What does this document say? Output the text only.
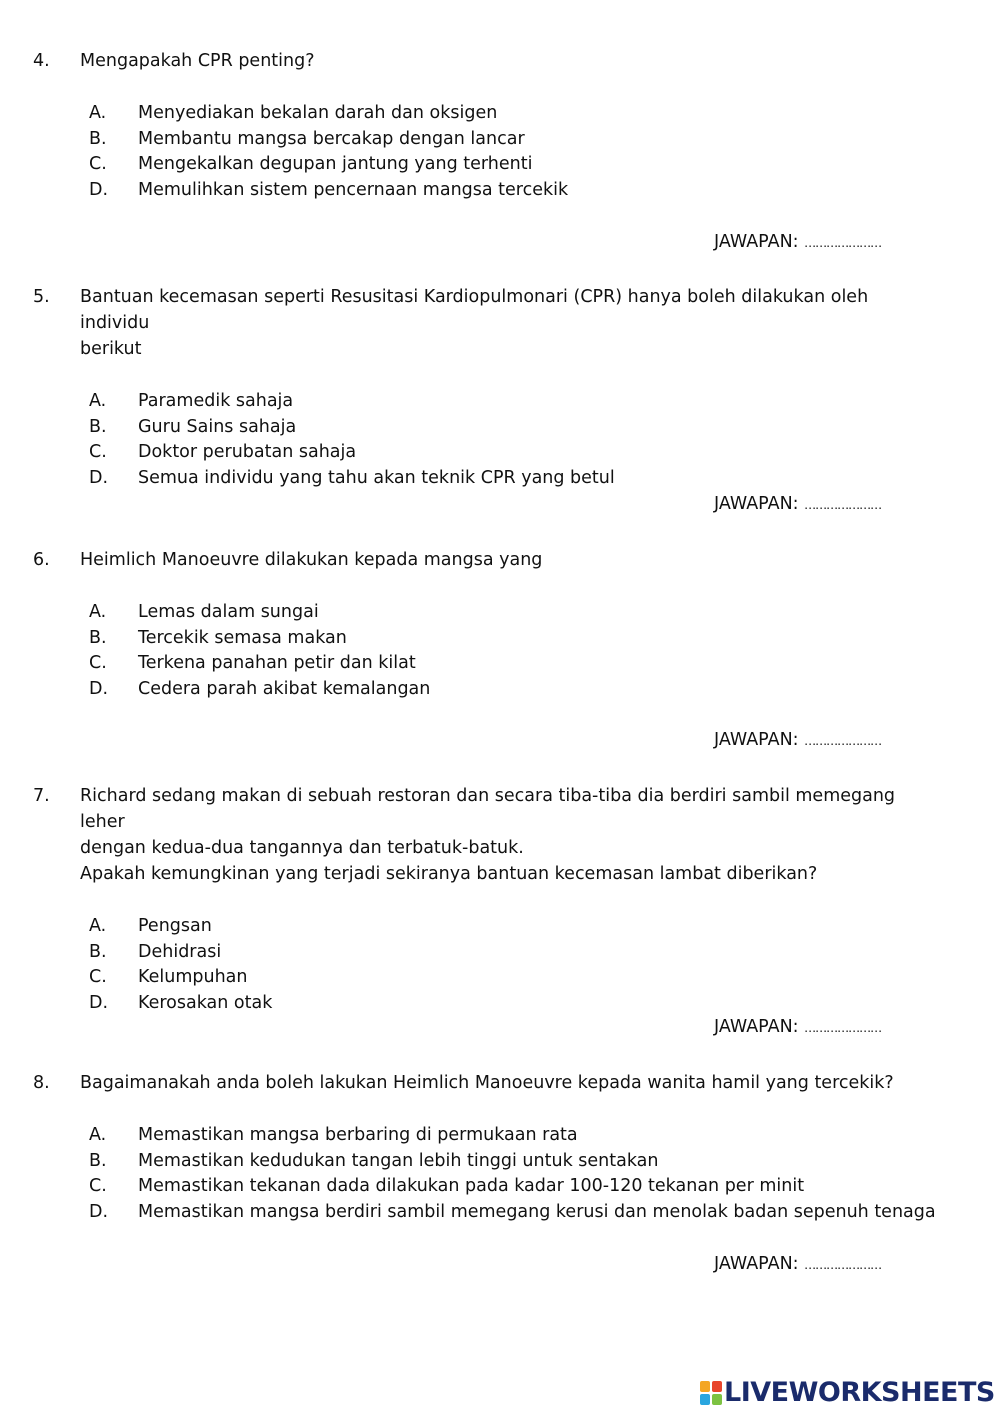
4.	Mengapakah CPR penting?
A.	Menyediakan bekalan darah dan oksigen
B.	Membantu mangsa bercakap dengan lancar
C.	Mengekalkan degupan jantung yang terhenti
D.	Memulihkan sistem pencernaan mangsa tercekik
JAWAPAN: …………………
5.	Bantuan kecemasan seperti Resusitasi Kardiopulmonari (CPR) hanya boleh dilakukan oleh individu
berikut
A.	Paramedik sahaja
B.	Guru Sains sahaja
C.	Doktor perubatan sahaja
D.	Semua individu yang tahu akan teknik CPR yang betul
JAWAPAN: …………………
6.	Heimlich Manoeuvre dilakukan kepada mangsa yang
A.	Lemas dalam sungai
B.	Tercekik semasa makan
C.	Terkena panahan petir dan kilat
D.	Cedera parah akibat kemalangan
JAWAPAN: …………………
7.	Richard sedang makan di sebuah restoran dan secara tiba-tiba dia berdiri sambil memegang leher
dengan kedua-dua tangannya dan terbatuk-batuk.
Apakah kemungkinan yang terjadi sekiranya bantuan kecemasan lambat diberikan?
A.	Pengsan
B.	Dehidrasi
C.	Kelumpuhan
D.	Kerosakan otak
JAWAPAN: …………………
8.	Bagaimanakah anda boleh lakukan Heimlich Manoeuvre kepada wanita hamil yang tercekik?
A.	Memastikan mangsa berbaring di permukaan rata
B.	Memastikan kedudukan tangan lebih tinggi untuk sentakan
C.	Memastikan tekanan dada dilakukan pada kadar 100-120 tekanan per minit
D.	Memastikan mangsa berdiri sambil memegang kerusi dan menolak badan sepenuh tenaga
JAWAPAN: …………………
LIVEWORKSHEETS
